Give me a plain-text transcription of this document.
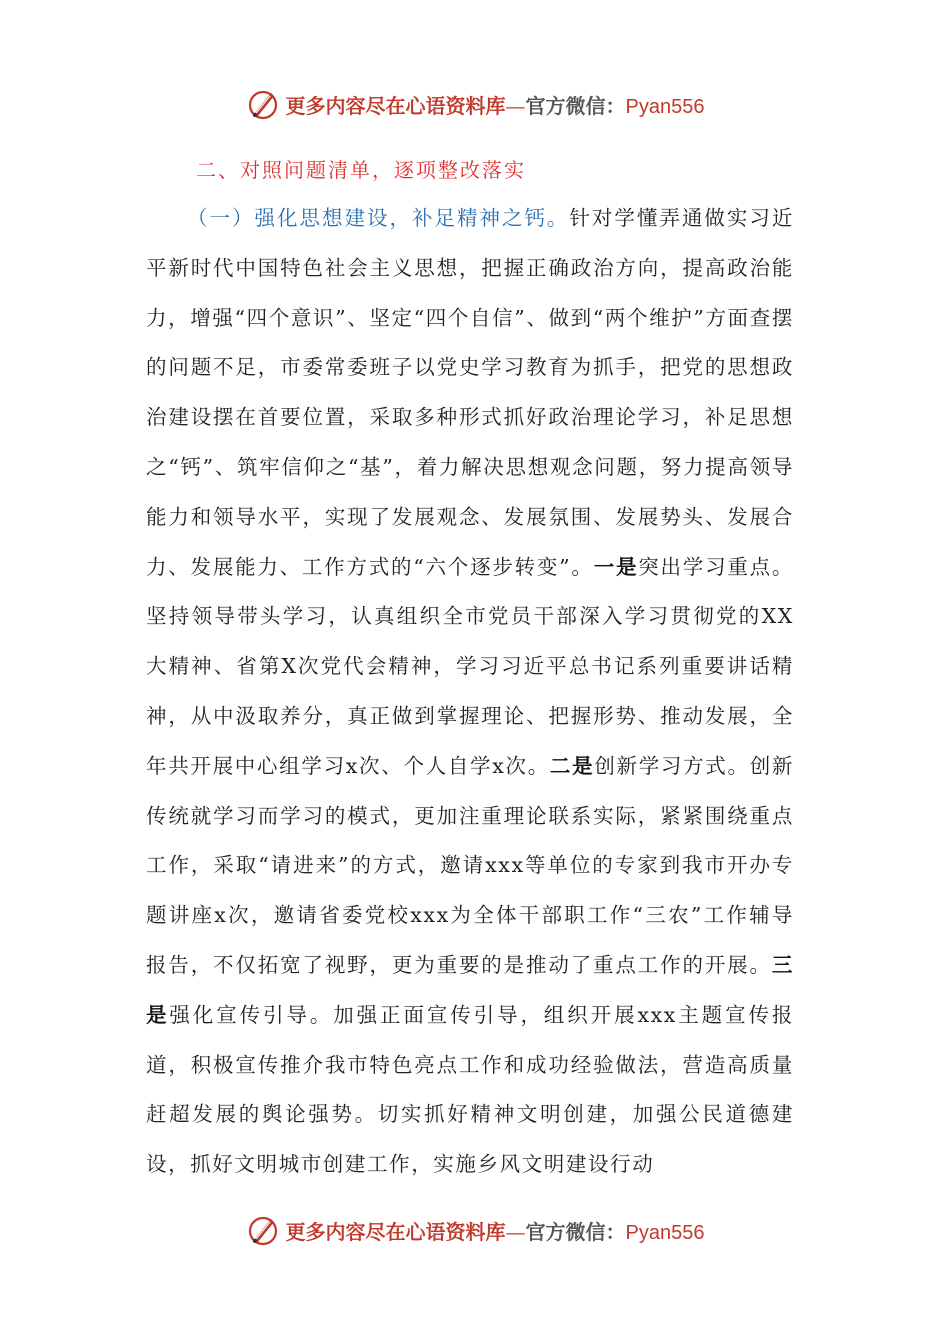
更多内容尽在心语资料库—官方微信：Pyan556
二、对照问题清单，逐项整改落实

（一）强化思想建设，补足精神之钙。针对学懂弄通做实习近平新时代中国特色社会主义思想，把握正确政治方向，提高政治能力，增强“四个意识”、坚定“四个自信”、做到“两个维护”方面查摆的问题不足，市委常委班子以党史学习教育为抓手，把党的思想政治建设摆在首要位置，采取多种形式抓好政治理论学习，补足思想之“钙”、筑牢信仰之“基”，着力解决思想观念问题，努力提高领导能力和领导水平，实现了发展观念、发展氛围、发展势头、发展合力、发展能力、工作方式的“六个逐步转变”。一是突出学习重点。坚持领导带头学习，认真组织全市党员干部深入学习贯彻党的XX大精神、省第X次党代会精神，学习习近平总书记系列重要讲话精神，从中汲取养分，真正做到掌握理论、把握形势、推动发展，全年共开展中心组学习x次、个人自学x次。二是创新学习方式。创新传统就学习而学习的模式，更加注重理论联系实际，紧紧围绕重点工作，采取“请进来”的方式，邀请xxx等单位的专家到我市开办专题讲座x次，邀请省委党校xxx为全体干部职工作“三农”工作辅导报告，不仅拓宽了视野，更为重要的是推动了重点工作的开展。三是强化宣传引导。加强正面宣传引导，组织开展xxx主题宣传报道，积极宣传推介我市特色亮点工作和成功经验做法，营造高质量赶超发展的舆论强势。切实抓好精神文明创建，加强公民道德建设，抓好文明城市创建工作，实施乡风文明建设行动

更多内容尽在心语资料库—官方微信：Pyan556
